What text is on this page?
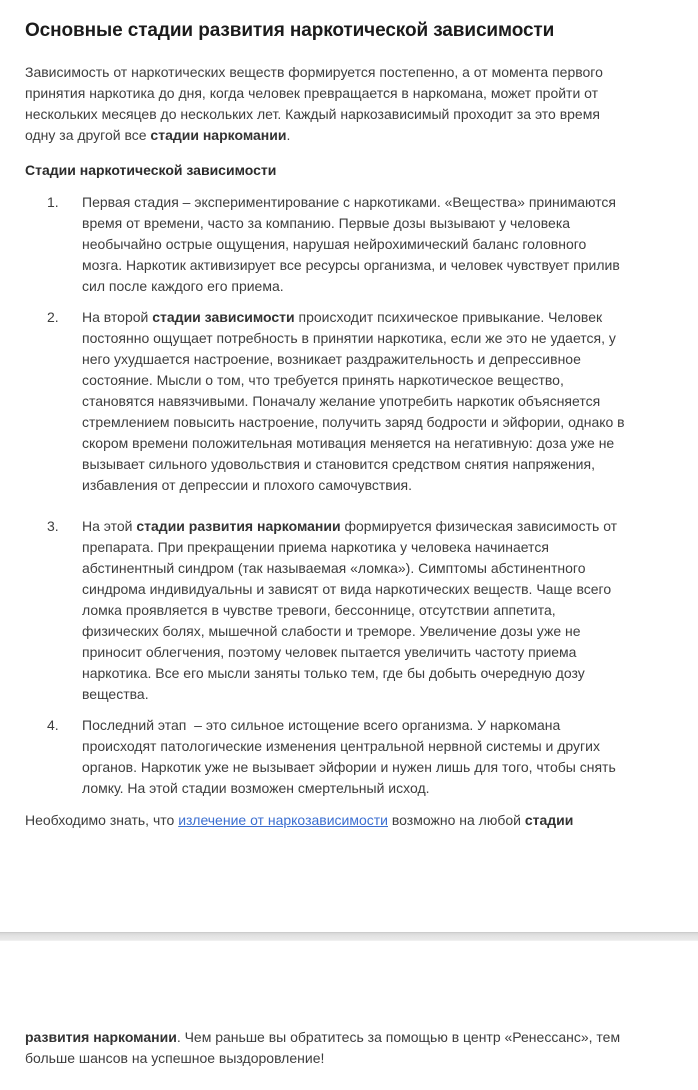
Основные стадии развития наркотической зависимости

Зависимость от наркотических веществ формируется постепенно, а от момента первого принятия наркотика до дня, когда человек превращается в наркомана, может пройти от нескольких месяцев до нескольких лет. Каждый наркозависимый проходит за это время одну за другой все стадии наркомании.

Стадии наркотической зависимости
1.	Первая стадия – экспериментирование с наркотиками. «Вещества» принимаются время от времени, часто за компанию. Первые дозы вызывают у человека необычайно острые ощущения, нарушая нейрохимический баланс головного мозга. Наркотик активизирует все ресурсы организма, и человек чувствует прилив сил после каждого его приема.
2.	На второй стадии зависимости происходит психическое привыкание. Человек постоянно ощущает потребность в принятии наркотика, если же это не удается, у него ухудшается настроение, возникает раздражительность и депрессивное состояние. Мысли о том, что требуется принять наркотическое вещество, становятся навязчивыми. Поначалу желание употребить наркотик объясняется стремлением повысить настроение, получить заряд бодрости и эйфории, однако в скором времени положительная мотивация меняется на негативную: доза уже не вызывает сильного удовольствия и становится средством снятия напряжения, избавления от депрессии и плохого самочувствия.
3.	На этой стадии развития наркомании формируется физическая зависимость от препарата. При прекращении приема наркотика у человека начинается абстинентный синдром (так называемая «ломка»). Симптомы абстинентного синдрома индивидуальны и зависят от вида наркотических веществ. Чаще всего ломка проявляется в чувстве тревоги, бессоннице, отсутствии аппетита, физических болях, мышечной слабости и треморе. Увеличение дозы уже не приносит облегчения, поэтому человек пытается увеличить частоту приема наркотика. Все его мысли заняты только тем, где бы добыть очередную дозу вещества.
4.	Последний этап  – это сильное истощение всего организма. У наркомана происходят патологические изменения центральной нервной системы и других органов. Наркотик уже не вызывает эйфории и нужен лишь для того, чтобы снять ломку. На этой стадии возможен смертельный исход.

Необходимо знать, что излечение от наркозависимости возможно на любой стадии

развития наркомании. Чем раньше вы обратитесь за помощью в центр «Ренессанс», тем больше шансов на успешное выздоровление!
